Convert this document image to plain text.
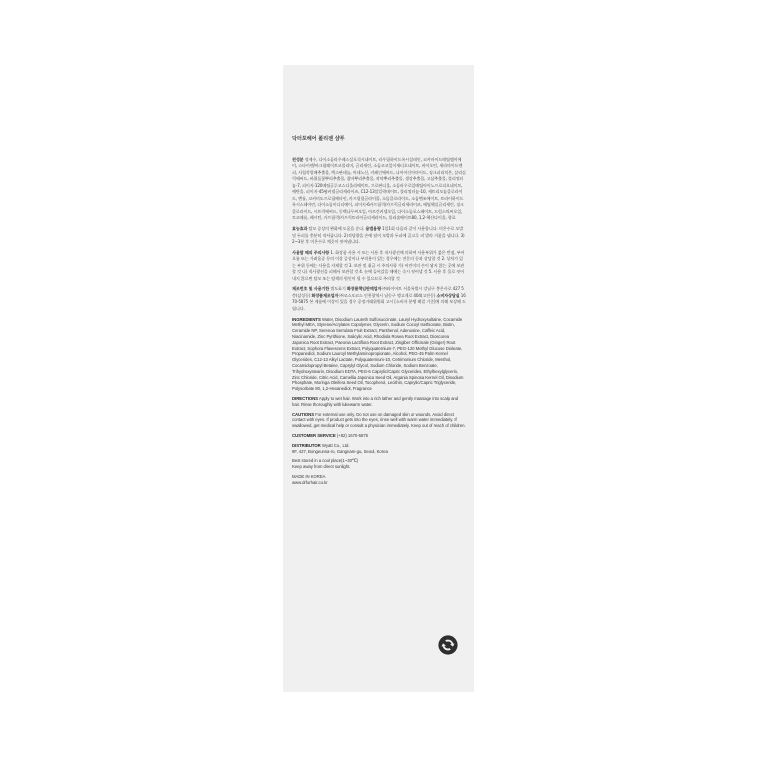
닥터포헤어 폴리젠 샴푸
전성분 정제수, 다이소듐라우레스설포석시네이트, 라우릴하이드록시설테인, 코카마이드메틸엠이에이, 스타이렌/아크릴레이트코폴리머, 글리세린, 소듐코코일이세티오네이트, 바이오틴, 세라마이드엔피, 사철쑥열매추출물, 덱스판테놀, 아데노신, 카페인에씨드, 나이아신아마이드, 징크피리치온, 살리실릭에씨드, 바위돌꽃뿌리추출물, 참마뿌리추출물, 작약뿌리추출물, 생강추출물, 고삼추출물, 폴리쿼터늄-7, 피이지-120메틸글루코스디올리에이트, 프로판디올, 소듐라우로일메틸아이노프로피오네이트, 에탄올, 피이지-45팜커넬글리세라이즈, C12-13알킬락테이트, 폴리쿼터늄-10, 세트리모늄클로라이드, 멘톨, 코카미도프로필베타인, 카프릴릴글라이콜, 소듐클로라이드, 소듐벤조에이트, 트라이하이드록시스테아린, 다이소듐이디티에이, 피이지-6카프릴릭/카프릭글리세라이즈, 에틸헥실글리세린, 징크클로라이드, 시트릭에씨드, 동백나무씨오일, 아르간커넬오일, 다이소듐포스페이트, 드럼스틱씨오일, 토코페롤, 레시틴, 카프릴릭/카프릭트라이글리세라이드, 폴리솔베이트80, 1,2-헥산다이올, 향료
효능효과 탈모 증상의 완화에 도움을 준다. 용법용량 1일1회 다음과 같이 사용합니다. 미온수로 모발 및 두피를 충분히 적셔줍니다. 2)적당량을 손에 덜어 모발과 두피에 골고루 펴 발라 거품을 냅니다. 3)2~3분 후 미온수로 깨끗이 씻어냅니다.
사용할 때의 주의사항 1. 화장품 사용 시 또는 사용 후 직사광선에 의하여 사용부위가 붉은 반점, 부어오름 또는 가려움증 등의 이상 증상이나 부작용이 있는 경우에는 전문의 등과 상담할 것 2. 상처가 있는 부위 등에는 사용을 자제할 것 3. 보관 및 취급 시 주의사항 가) 어린이의 손이 닿지 않는 곳에 보관할 것 나) 직사광선을 피해서 보관할 것 4. 눈에 들어갔을 때에는 즉시 씻어낼 것 5. 사용 후 물로 씻어내지 않으면 탈모 또는 탈색의 원인이 될 수 있으므로 주의할 것
제조번호 및 사용기한 별도표기 화장품책임판매업자 ㈜와이어트 서울특별시 강남구 봉은사로 427 5층(삼성동) 화장품제조업자 ㈜코스모코스 인천광역시 남동구 앵고개로 404(고잔동) 소비자상담실 1670-5875 본 제품에 이상이 있을 경우 공정거래위원회 고시 [소비자 분쟁 해결 기준]에 의해 보상해 드립니다.
INGREDIENTS Water, Disodium Laureth Sulfosuccinate, Lauryl Hydroxysultaine, Cocamide Methyl MEA, Styrene/Acrylates Copolymer, Glycerin, Sodium Cocoyl Isethionate, Biotin, Ceramide NP, Serenoa Serrulata Fruit Extract, Panthenol, Adenosine, Caffeic Acid, Niacinamide, Zinc Pyrithione, Salicylic Acid, Rhodiola Rosea Root Extract, Dioscorea Japonica Root Extract, Paeonia Lactiflora Root Extract, Zingiber Officinale (Ginger) Root Extract, Sophora Flavescens Extract, Polyquaternium-7, PEG-120 Methyl Glucose Dioleate, Propanediol, Sodium Lauroyl Methylaminopropionate, Alcohol, PEG-45 Palm Kernel Glycerides, C12-13 Alkyl Lactate, Polyquaternium-10, Cetrimonium Chloride, Menthol, Cocamidopropyl Betaine, Caprylyl Glycol, Sodium Chloride, Sodium Benzoate, Trihydroxystearin, Disodium EDTA, PEG-6 Caprylic/Capric Glycerides, Ethylhexylglycerin, Zinc Chloride, Citric Acid, Camellia Japonica Seed Oil, Argania Spinosa Kernel Oil, Disodium Phosphate, Moringa Oleifera Seed Oil, Tocopherol, Lecithin, Caprylic/Capric Triglyceride, Polysorbate 80, 1,2-Hexanediol, Fragrance
DIRECTIONS Apply to wet hair. Work into a rich lather and gently massage into scalp and hair. Rinse thoroughly with lukewarm water.
CAUTIONS For external use only. Do not use on damaged skin or wounds. Avoid direct contact with eyes. If product gets into the eyes, rinse well with warm water immediately. If swallowed, get medical help or consult a physician immediately. Keep out of reach of children.
CUSTOMER SERVICE (+82) 1670-5875
DISTRIBUTOR Wyatt Co., Ltd.
9F, 427, Bongeunsa-ro, Gangnam-gu, Seoul, Korea
Best stored in a cool place(1~30℃)
Keep away from direct sunlight.
MADE IN KOREA
www.drforhair.co.kr
